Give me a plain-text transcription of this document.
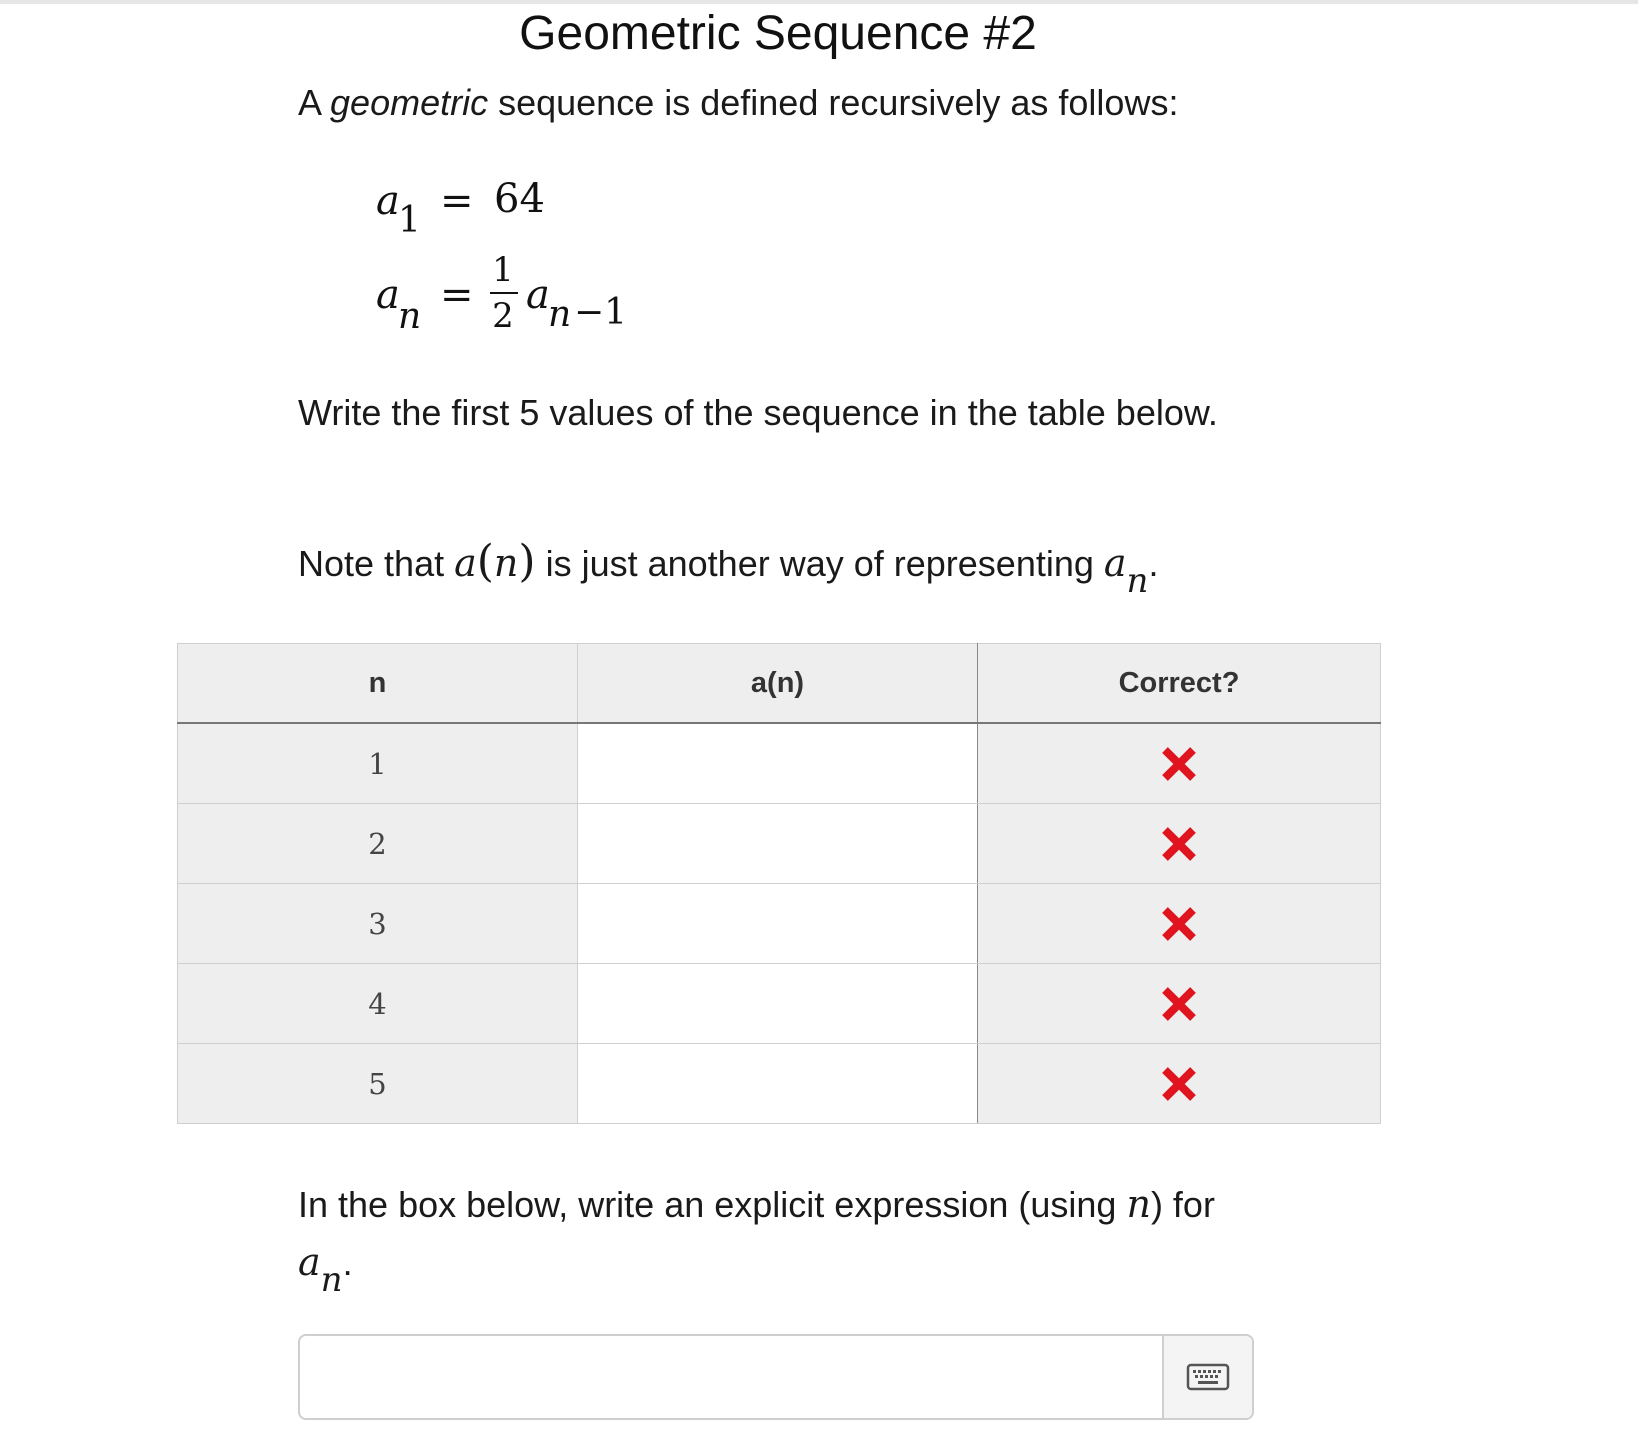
Geometric Sequence #2
A geometric sequence is defined recursively as follows:
a
1 = 64
a
n =
1
2 a
n −1
Write the first 5 values of the sequence in the table below.
Note that a(n) is just another way of representing $a_n$.
n	a(n)	Correct?
1		
2		
3		
4		
5		
In the box below, write an explicit expression (using n) for
$a_n$.
